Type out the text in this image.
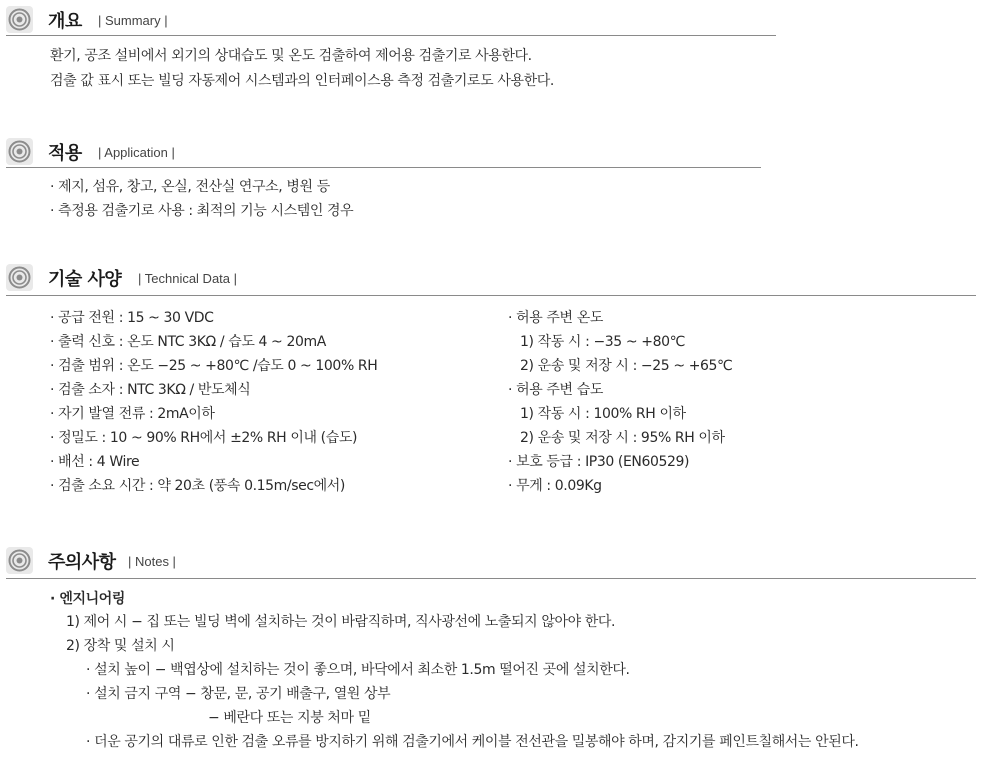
개요 | Summary |
환기, 공조 설비에서 외기의 상대습도 및 온도 검출하여 제어용 검출기로 사용한다.
검출 값 표시 또는 빌딩 자동제어 시스템과의 인터페이스용 측정 검출기로도 사용한다.
적용 | Application |
· 제지, 섬유, 창고, 온실, 전산실 연구소, 병원 등
· 측정용 검출기로 사용 : 최적의 기능 시스템인 경우
기술 사양 | Technical Data |
· 공급 전원 : 15 ~ 30 VDC
· 출력 신호 : 온도 NTC 3KΩ / 습도 4 ~ 20mA
· 검출 범위 : 온도 −25 ~ +80℃ /습도 0 ~ 100% RH
· 검출 소자 : NTC 3KΩ / 반도체식
· 자기 발열 전류 : 2mA이하
· 정밀도 : 10 ~ 90% RH에서 ±2% RH 이내 (습도)
· 배선 : 4 Wire
· 검출 소요 시간 : 약 20초 (풍속 0.15m/sec에서)
· 허용 주변 온도
1) 작동 시 : −35 ~ +80℃
2) 운송 및 저장 시 : −25 ~ +65℃
· 허용 주변 습도
1) 작동 시 : 100% RH 이하
2) 운송 및 저장 시 : 95% RH 이하
· 보호 등급 : IP30 (EN60529)
· 무게 : 0.09Kg
주의사항 | Notes |
· 엔지니어링
1) 제어 시 − 집 또는 빌딩 벽에 설치하는 것이 바람직하며, 직사광선에 노출되지 않아야 한다.
2) 장착 및 설치 시
· 설치 높이 − 백엽상에 설치하는 것이 좋으며, 바닥에서 최소한 1.5m 떨어진 곳에 설치한다.
· 설치 금지 구역 − 창문, 문, 공기 배출구, 열원 상부
− 베란다 또는 지붕 처마 밑
· 더운 공기의 대류로 인한 검출 오류를 방지하기 위해 검출기에서 케이블 전선관을 밀봉해야 하며, 감지기를 페인트칠해서는 안된다.
